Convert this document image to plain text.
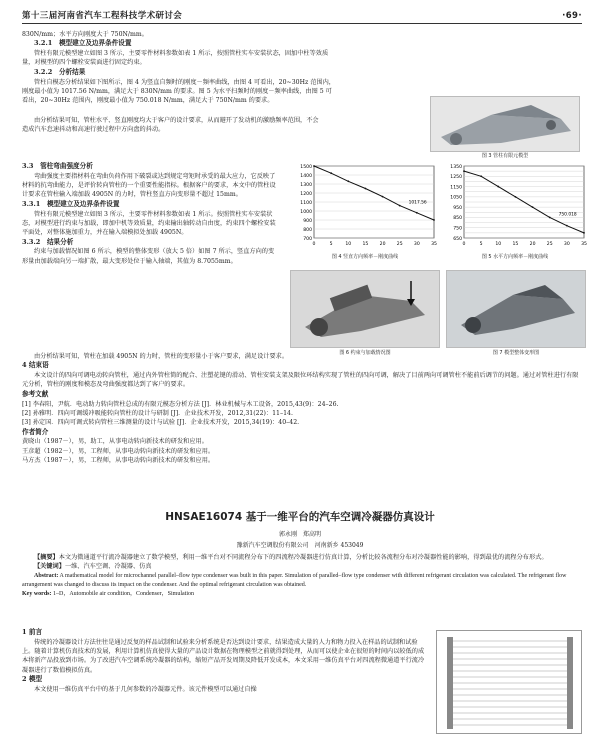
第十三届河南省汽车工程科技学术研讨会	·69·
830N/mm；水平方向刚度大于 750N/mm。
3.2.1　模型建立及边界条件设置
管柱有限元模型建立如图 3 所示，主要零件材料参数如表 1 所示，按照管柱实车安装状态，固加中柱等效质量，对模型的四个螺栓安装面进行固定约束。
3.2.2　分析结果
管柱自模态分析结果如下图所示，图 4 为竖直自频时的刚度－频率曲线，由图 4 可看出，20~30Hz 范围内，刚度最小值为 1017.56 N/mm，满足大于 830N/mm 的要求。图 5 为水平扫频时的刚度－频率曲线，由图 5 可看出，20~30Hz 范围内，刚度最小值为 750.018 N/mm，满足大于 750N/mm 的要求。
由分析结果可知，管柱水平、竖直刚度均大于客户的设计要求，从而避开了发动机的激励频率范围，不会造成汽车怠速抖动和高速行驶过程中方向盘的抖动。
图 3 管柱有限元模型
3.3　管柱弯曲强度分析
弯曲强度主要指材料在弯曲负荷作用下破裂或达到规定弯矩时承受的最大应力，它反映了材料的抗弯曲能力，是评价转向管柱的一个重要性能指标。根据客户的要求，本文中的管柱设计要求在管柱输入端加载 4905N 的力时，管柱竖直方向变形量不超过 15mm。
3.3.1　模型建立及边界条件设置
管柱有限元模型建立如图 3 所示，主要零件材料参数如表 1 所示。按照管柱实车安装状态，对模型进行约束与加载，即加中机等效质量，约束输出轴转动自由度，约束四个螺栓安装平面处，对整体施加重力，并在输入端模拟处加载 4905N。
3.3.2　结果分析
约束与加载情况如图 6 所示，模型的整体变形（放大 5 倍）如图 7 所示，竖直方向的变形量由加载端向另一端扩散，最大变形处位于输入轴端，其值为 8.7055mm。
700
800
900
1000
1100
1200
1300
1400
1500
0	5	10 15 20 25 30 35
1017.56
图 4 竖直方向频率－刚度曲线
650
750
850
950
1050
1150
1250
1350
0	5	10 15 20 25 30 35
750.018
图 5 水平方向频率－刚度曲线
图 6 约束与加载情况图	图 7 模型整体变形图
由分析结果可知，管柱在加载 4905N 的力时，管柱的变形量小于客户要求，满足设计要求。
4 结束语
本文设计的四向可调电动转向管柱，通过内外管柱简的配合、注塑花键的滑动、管柱安装支架及限位环结构实现了管柱的四向可调，解决了目前两向可调管柱不能前后调节的问题。通过对管柱进行有限元分析，管柱的刚度和模态及弯曲强度都达到了客户的要求。
参考文献
[1] 李春阳，尹航．电动助力转向管柱总成的有限元模态分析方法 [J]．林业机械与木工设备，2015,43(9)：24–26.
[2] 孙雅明．四向可调缓冲吸能转向管柱的设计与研制 [J]．企业技术开发，2012,31(22)：11–14.
[3] 孙定国．四向可调式转向管柱三维测量的设计与试验 [J]．企业技术开发，2015,34(19)：40–42.
作者简介
黄晓山（1987－），男，助工，从事电动转向新技术的研发和应用。
王彦超（1982－），男，工程师，从事电动转向新技术的研发和应用。
马方杰（1987－），男，工程师，从事电动转向新技术的研发和应用。
HNSAE16074 基于一维平台的汽车空调冷凝器仿真设计
郭永刚　郑高明
豫新汽车空调股份有限公司　河南新乡 453049
【摘要】本文为微通道平行流冷凝器建立了数学模型，利用一维平台对不同流程分布下的四流程冷凝器进行仿真计算，分析比较各流程分布对冷凝器性能的影响，得到最优的流程分布形式。
【关键词】一维、汽车空调、冷凝器、仿真
Abstract: A mathematical model for microchannel parallel–flow type condenser was built in this paper. Simulation of paralled–flow type condenser with different refrigerant circulation was calculated. The refrigerant flow arrangement was changed to discuss its impact on the condenser. And the optimal refrigerant circulation was obtained.
Key words: 1–D，Automobile air condition，Condenser，Simulation
1 前言
传统的冷凝器设计方法往往是通过反复的样品试制和试验来分析系统是否达到设计要求，结果造成大量的人力和物力投入在样品的试制和试验上。随着计算机仿真技术的发展，利用计算机仿真使得大量的产品设计数据在物理模型之前就得到处理，从而可以使企业在很短的时间内以较低的成本将新产品投放到市场。为了改进汽车空调系统冷凝器的结构，缩短产品开发周期及降低开发成本，本文采用一维仿真平台对四流程微通道平行流冷凝器进行了数值模拟仿真。
2 模型
本文使用一维仿真平台中的基于几何参数的冷凝器元件。该元件模型可以通过自操
